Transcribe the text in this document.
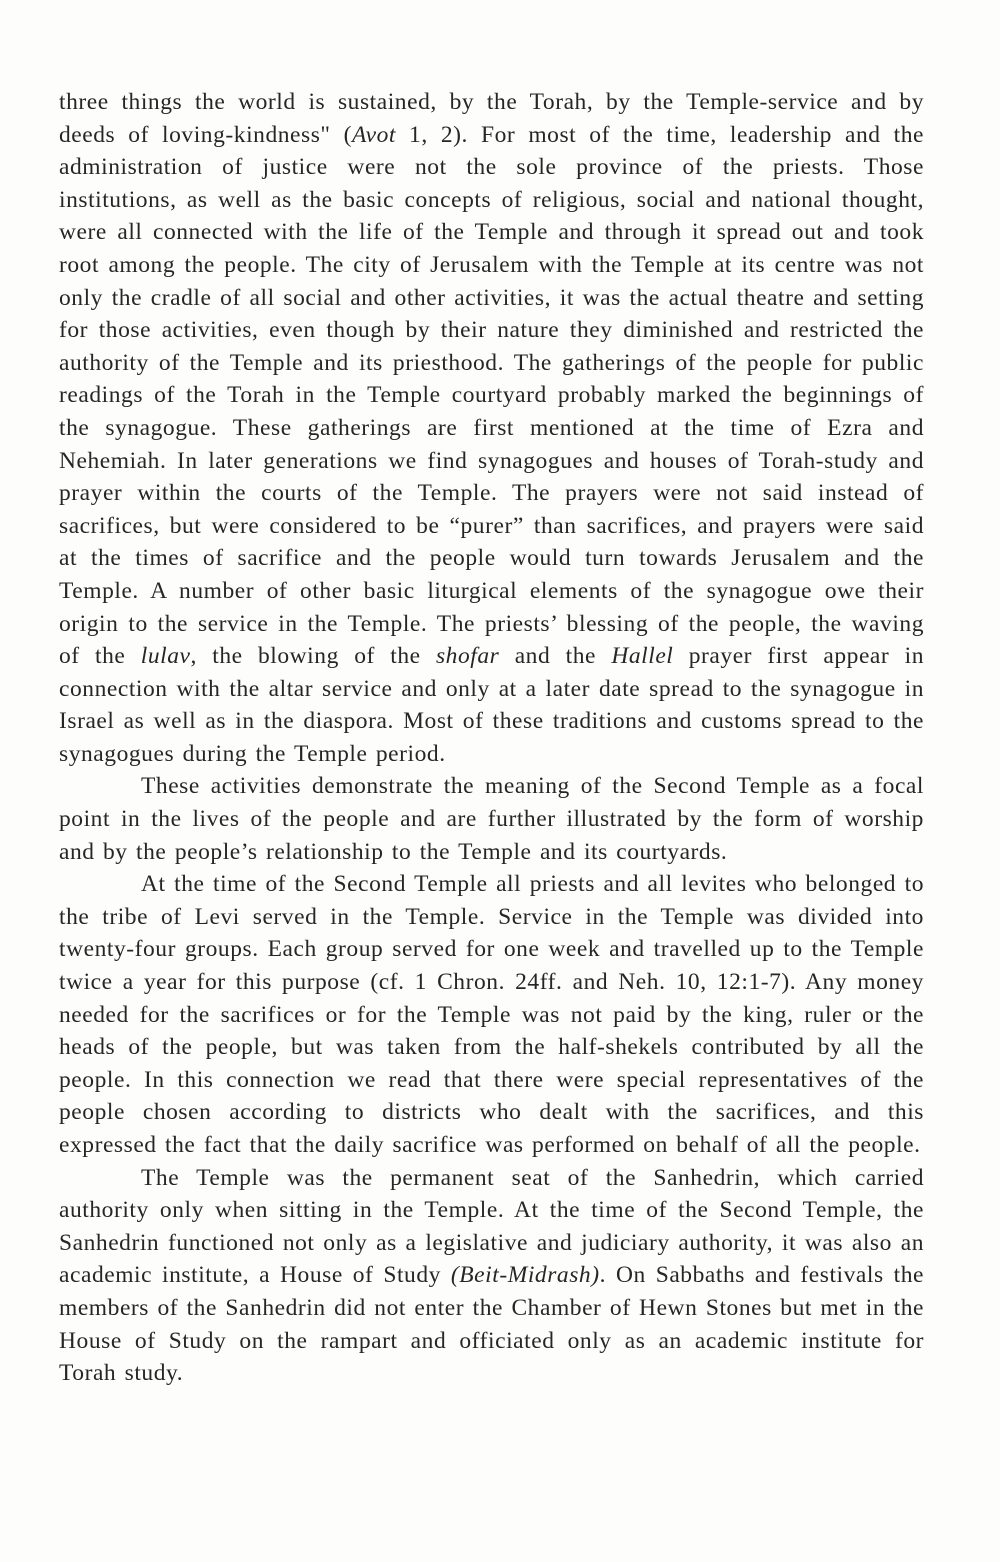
three things the world is sustained, by the Torah, by the Temple-service and by deeds of loving-kindness" (Avot 1, 2). For most of the time, leadership and the administration of justice were not the sole province of the priests. Those institutions, as well as the basic concepts of religious, social and national thought, were all connected with the life of the Temple and through it spread out and took root among the people. The city of Jerusalem with the Temple at its centre was not only the cradle of all social and other activities, it was the actual theatre and setting for those activities, even though by their nature they diminished and restricted the authority of the Temple and its priesthood. The gatherings of the people for public readings of the Torah in the Temple courtyard probably marked the beginnings of the synagogue. These gatherings are first mentioned at the time of Ezra and Nehemiah. In later generations we find synagogues and houses of Torah-study and prayer within the courts of the Temple. The prayers were not said instead of sacrifices, but were considered to be “purer” than sacrifices, and prayers were said at the times of sacrifice and the people would turn towards Jerusalem and the Temple. A number of other basic liturgical elements of the synagogue owe their origin to the service in the Temple. The priests’ blessing of the people, the waving of the lulav, the blowing of the shofar and the Hallel prayer first appear in connection with the altar service and only at a later date spread to the synagogue in Israel as well as in the diaspora. Most of these traditions and customs spread to the synagogues during the Temple period.

These activities demonstrate the meaning of the Second Temple as a focal point in the lives of the people and are further illustrated by the form of worship and by the people’s relationship to the Temple and its courtyards.

At the time of the Second Temple all priests and all levites who belonged to the tribe of Levi served in the Temple. Service in the Temple was divided into twenty-four groups. Each group served for one week and travelled up to the Temple twice a year for this purpose (cf. 1 Chron. 24ff. and Neh. 10, 12:1-7). Any money needed for the sacrifices or for the Temple was not paid by the king, ruler or the heads of the people, but was taken from the half-shekels contributed by all the people. In this connection we read that there were special representatives of the people chosen according to districts who dealt with the sacrifices, and this expressed the fact that the daily sacrifice was performed on behalf of all the people.

The Temple was the permanent seat of the Sanhedrin, which carried authority only when sitting in the Temple. At the time of the Second Temple, the Sanhedrin functioned not only as a legislative and judiciary authority, it was also an academic institute, a House of Study (Beit-Midrash). On Sabbaths and festivals the members of the Sanhedrin did not enter the Chamber of Hewn Stones but met in the House of Study on the rampart and officiated only as an academic institute for Torah study.
